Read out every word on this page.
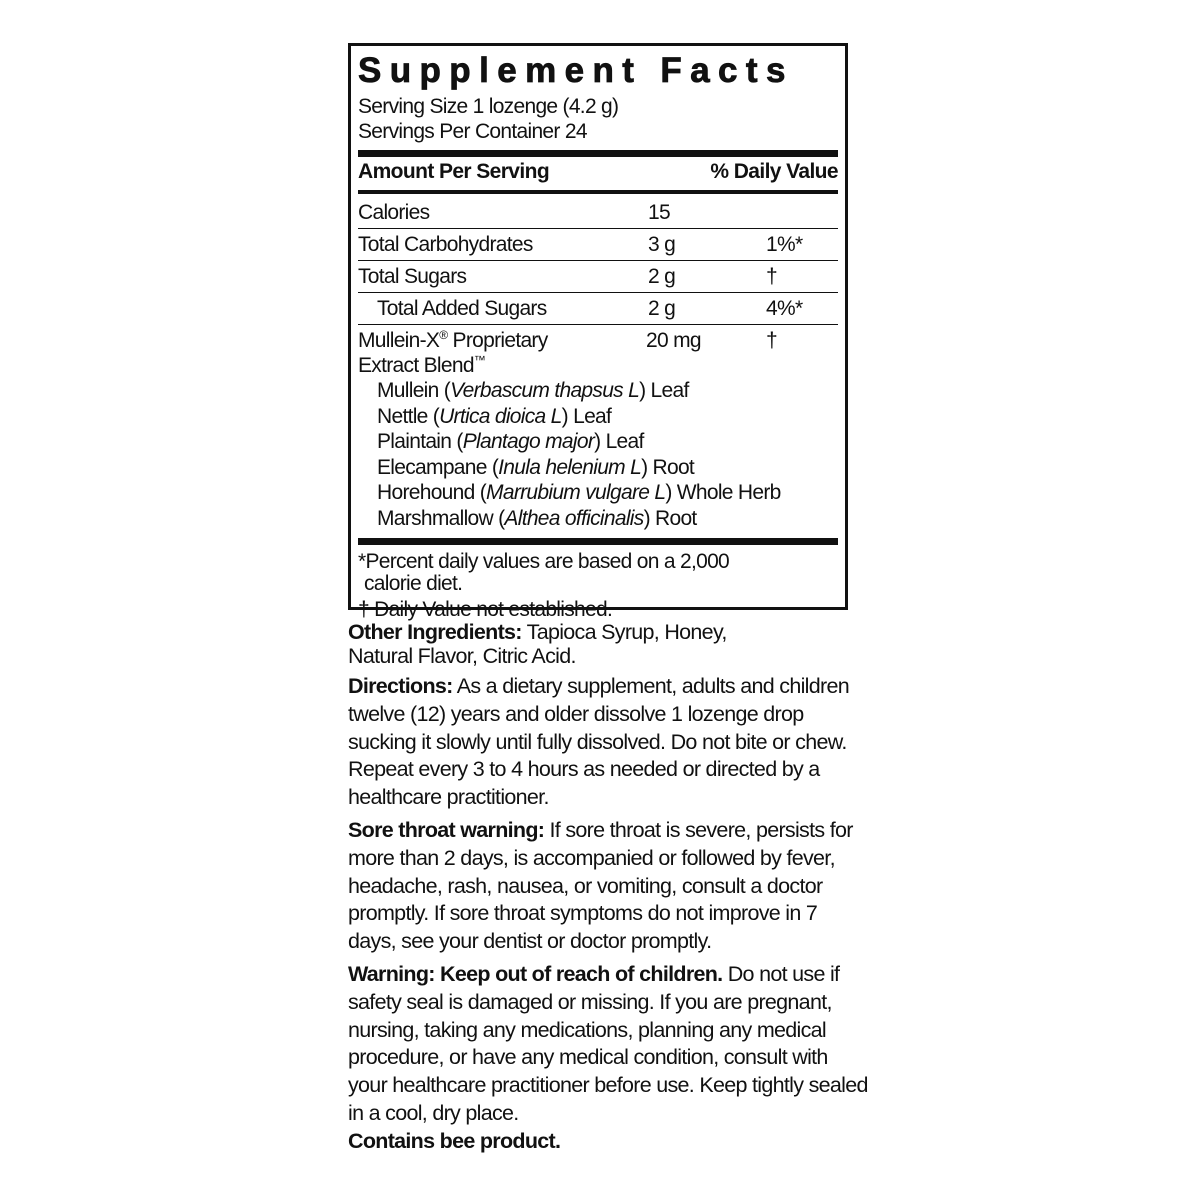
Supplement Facts
Serving Size 1 lozenge (4.2 g)
Servings Per Container 24
Amount Per Serving	% Daily Value
Calories	15
Total Carbohydrates	3 g	1%*
Total Sugars	2 g	†
Total Added Sugars	2 g	4%*
Mullein-X® Proprietary	20 mg	†
Extract Blend™
Mullein (Verbascum thapsus L) Leaf
Nettle (Urtica dioica L) Leaf
Plaintain (Plantago major) Leaf
Elecampane (Inula helenium L) Root
Horehound (Marrubium vulgare L) Whole Herb
Marshmallow (Althea officinalis) Root
*Percent daily values are based on a 2,000
calorie diet.
† Daily Value not established.

Other Ingredients: Tapioca Syrup, Honey, Natural Flavor, Citric Acid.

Directions: As a dietary supplement, adults and children twelve (12) years and older dissolve 1 lozenge drop sucking it slowly until fully dissolved. Do not bite or chew. Repeat every 3 to 4 hours as needed or directed by a healthcare practitioner.

Sore throat warning: If sore throat is severe, persists for more than 2 days, is accompanied or followed by fever, headache, rash, nausea, or vomiting, consult a doctor promptly. If sore throat symptoms do not improve in 7 days, see your dentist or doctor promptly.

Warning: Keep out of reach of children. Do not use if safety seal is damaged or missing. If you are pregnant, nursing, taking any medications, planning any medical procedure, or have any medical condition, consult with your healthcare practitioner before use. Keep tightly sealed in a cool, dry place.

Contains bee product.
